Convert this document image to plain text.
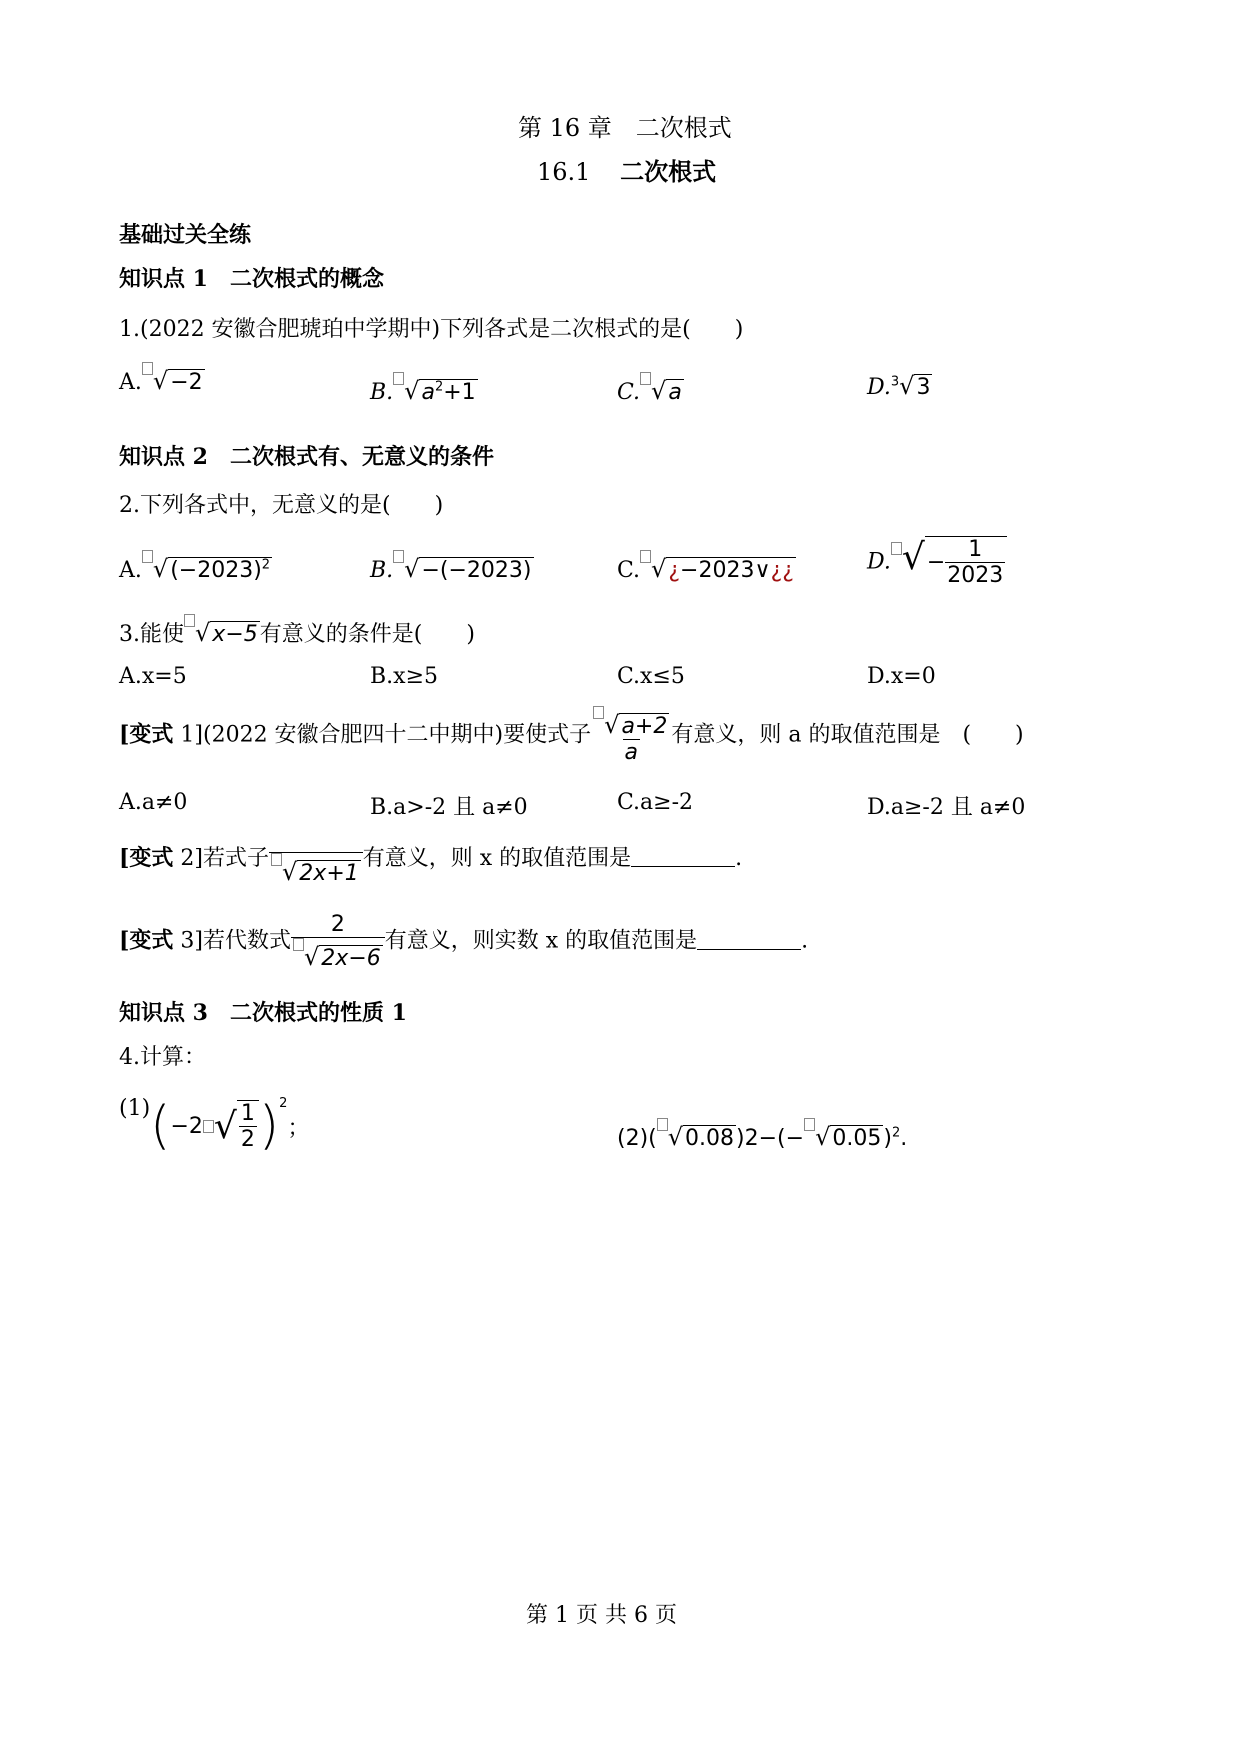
第 16 章　二次根式
16.1 二次根式
基础过关全练
知识点 1　二次根式的概念
1.(2022 安徽合肥琥珀中学期中)下列各式是二次根式的是(　　)
A. √−2	B. $√a^2+1$	C. √a	D.$^3$√3
知识点 2　二次根式有、无意义的条件
2.下列各式中，无意义的是(　　)
A. $√(-2023)^2$	B. √−(−2023)	C. √¿−2023∨¿¿	D. √ − $\frac{1}{2023}$
3.能使 √x−5有意义的条件是(　　)
A.x=5	B.x≥5	C.x≤5	D.x=0
[变式 1](2022 安徽合肥四十二中期中)要使式子 $\frac{√a+2}{a}$ 有意义，则 a 的取值范围是　(　　)
A.a≠0	B.a>-2 且 a≠0	C.a≥-2	D.a≥-2 且 a≠0
[变式 2]若式子 √2x+1
有意义，则 x 的取值范围是	.
[变式 3]若代数式 $\frac{2}{√2x-6}$ 有意义，则实数 x 的取值范围是	.
知识点 3　二次根式的性质 1
4.计算：
(1) ( −2 √ $\frac{1}{2} )^2$
；	(2)( $√0.08)2-(- √0.05)^2$.
第 1 页 共 6 页
